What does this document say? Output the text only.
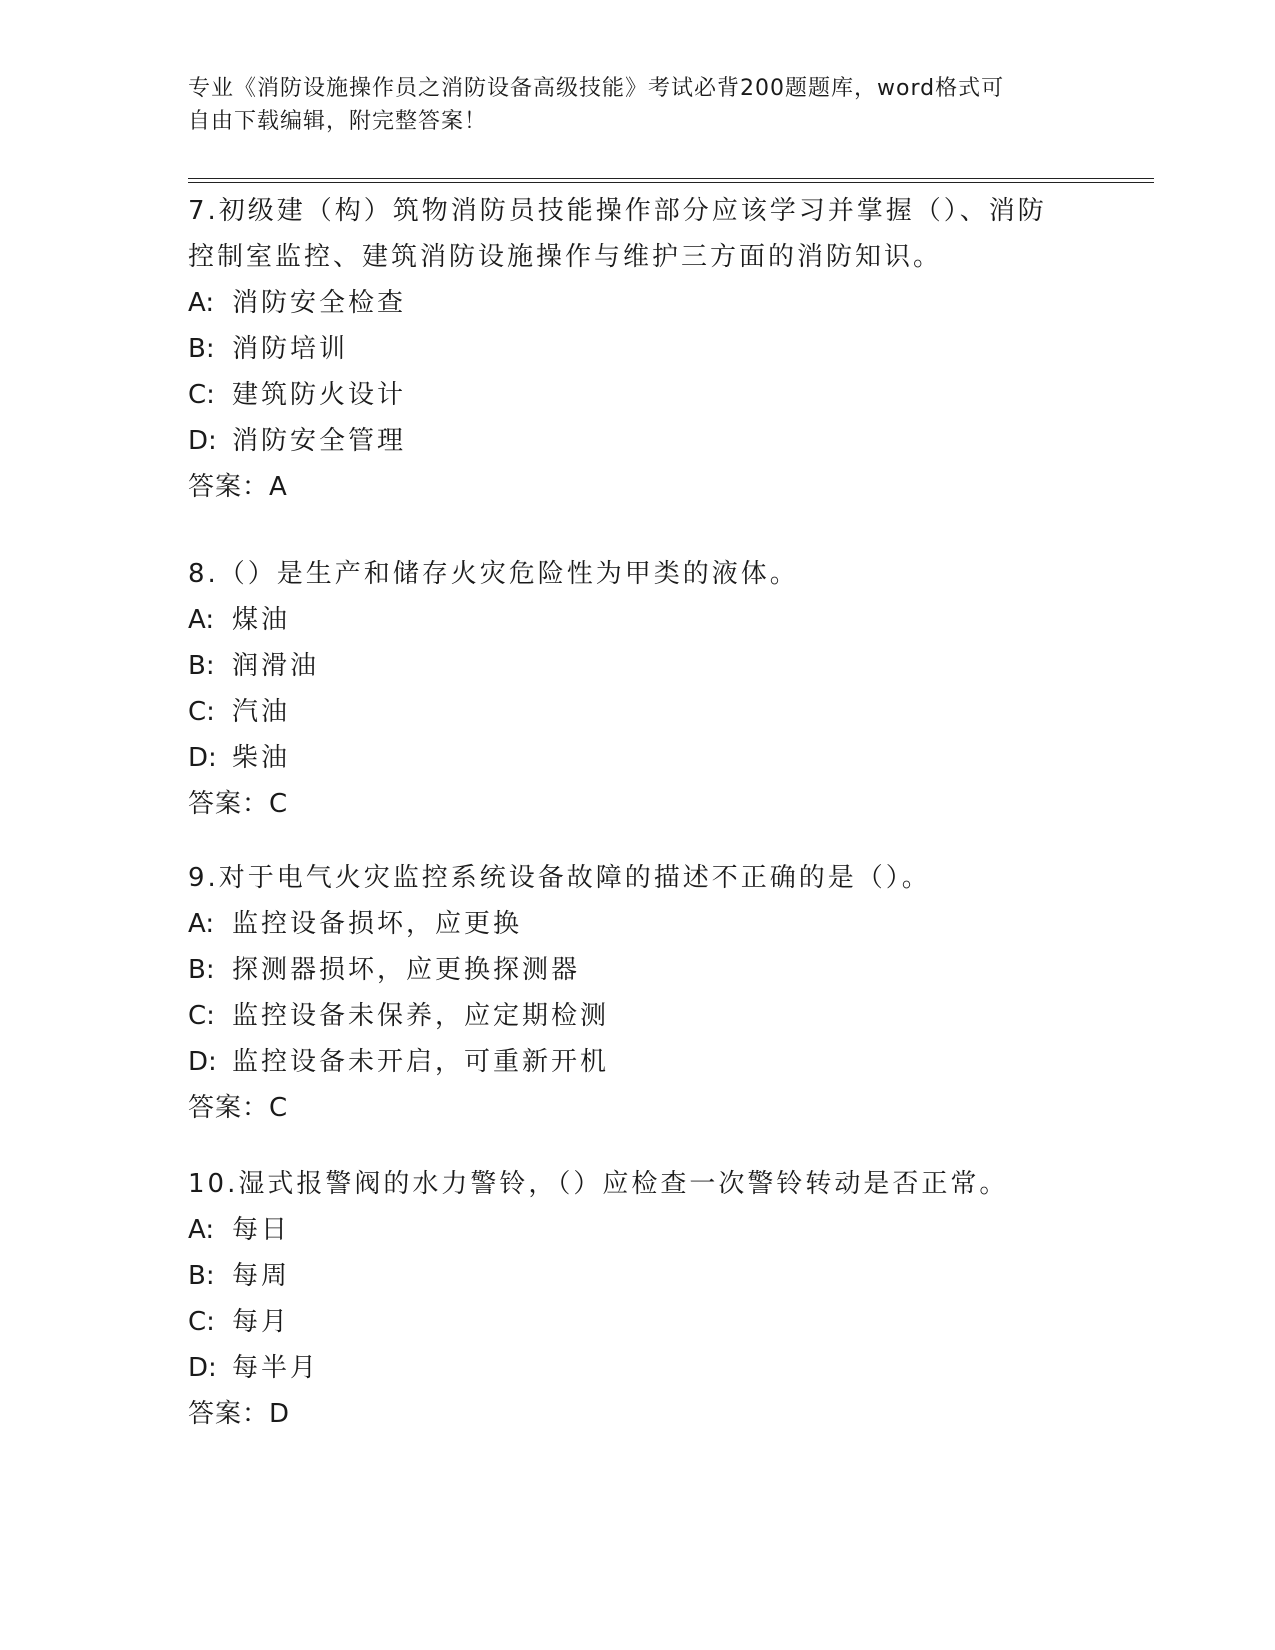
专业《消防设施操作员之消防设备高级技能》考试必背200题题库，word格式可
自由下载编辑，附完整答案！

7.初级建（构）筑物消防员技能操作部分应该学习并掌握（）、消防

控制室监控、建筑消防设施操作与维护三方面的消防知识。

A: 消防安全检查

B: 消防培训

C: 建筑防火设计

D: 消防安全管理

答案：A

8.（）是生产和储存火灾危险性为甲类的液体。

A: 煤油

B: 润滑油

C: 汽油

D: 柴油

答案：C

9.对于电气火灾监控系统设备故障的描述不正确的是（）。

A: 监控设备损坏，应更换

B: 探测器损坏，应更换探测器

C: 监控设备未保养，应定期检测

D: 监控设备未开启，可重新开机

答案：C

10.湿式报警阀的水力警铃，（）应检查一次警铃转动是否正常。

A: 每日

B: 每周

C: 每月

D: 每半月

答案：D
